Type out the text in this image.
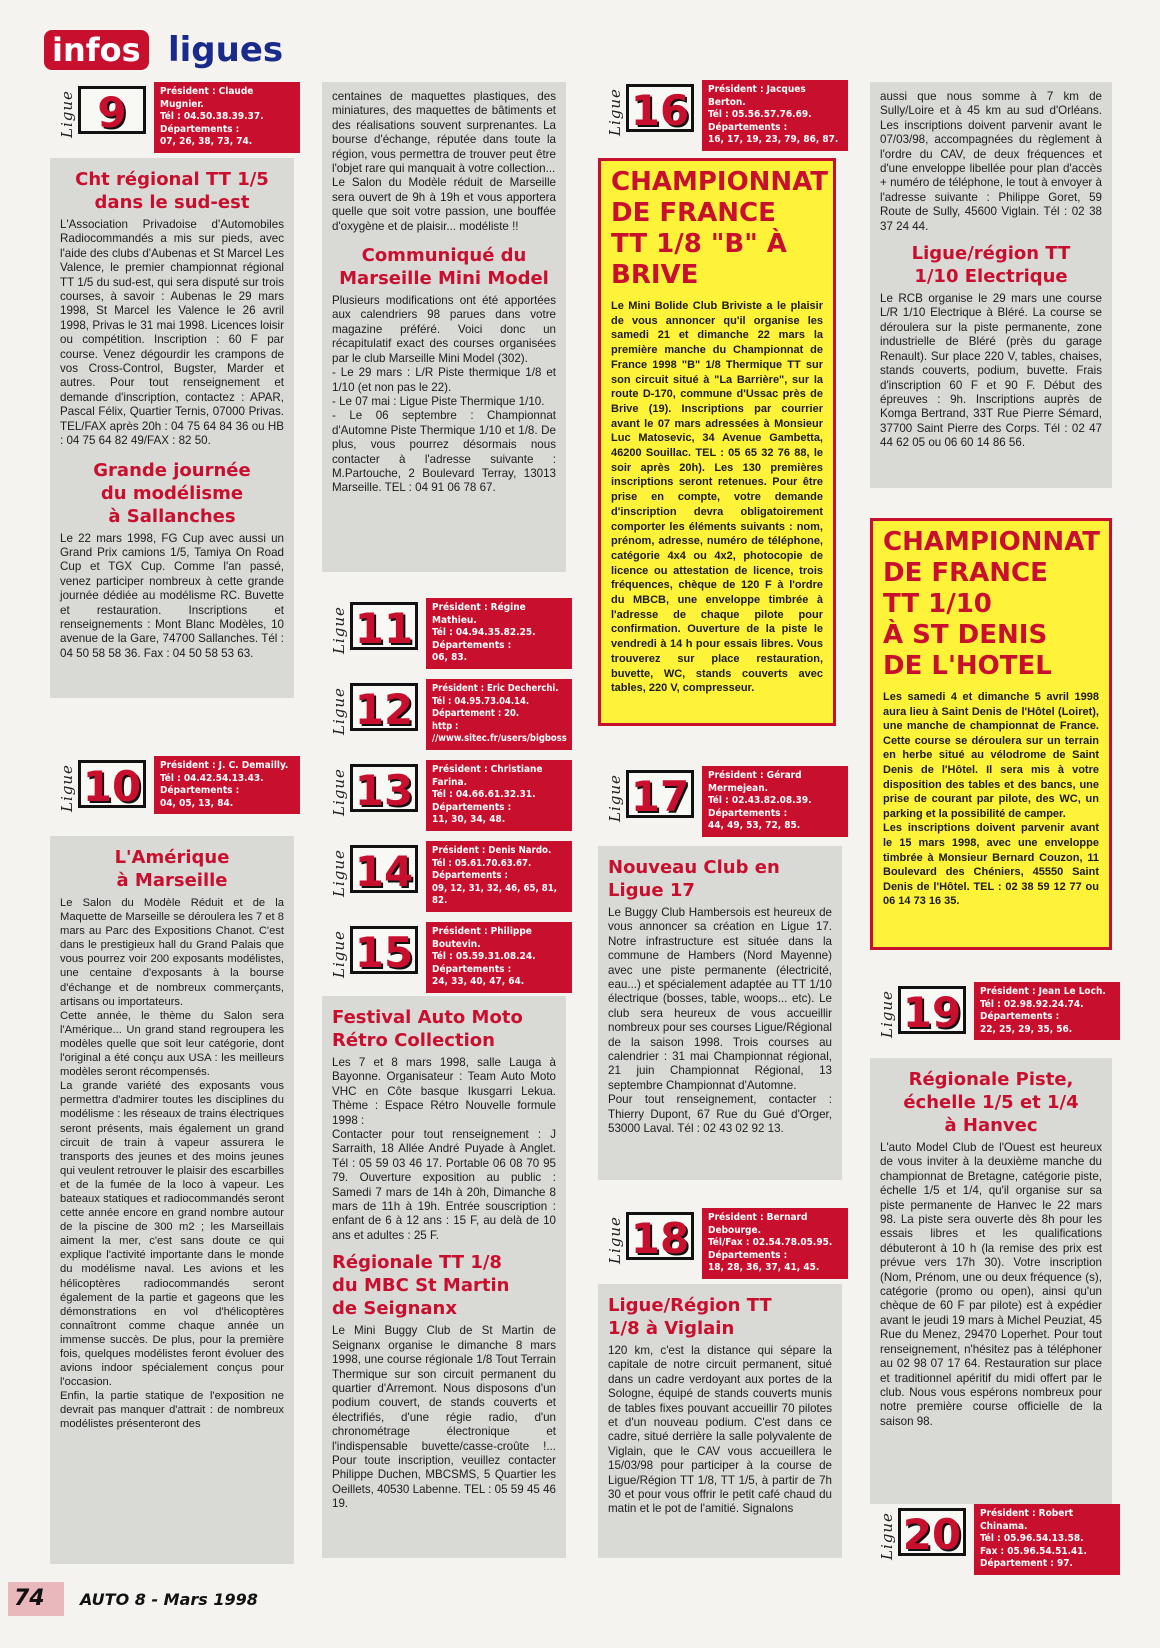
infos ligues
Ligue 9	Président : Claude Mugnier.
Tél : 04.50.38.39.37.
Départements :
07, 26, 38, 73, 74.
Cht régional TT 1/5
dans le sud-est

L'Association Privadoise d'Automobiles Radiocommandés a mis sur pieds, avec l'aide des clubs d'Aubenas et St Marcel Les Valence, le premier championnat régional TT 1/5 du sud-est, qui sera disputé sur trois courses, à savoir : Aubenas le 29 mars 1998, St Marcel les Valence le 26 avril 1998, Privas le 31 mai 1998. Licences loisir ou compétition. Inscription : 60 F par course. Venez dégourdir les crampons de vos Cross-Control, Bugster, Marder et autres. Pour tout renseignement et demande d'inscription, contactez : APAR, Pascal Félix, Quartier Ternis, 07000 Privas. TEL/FAX après 20h : 04 75 64 84 36 ou HB : 04 75 64 82 49/FAX : 82 50.

Grande journée
du modélisme
à Sallanches

Le 22 mars 1998, FG Cup avec aussi un Grand Prix camions 1/5, Tamiya On Road Cup et TGX Cup. Comme l'an passé, venez participer nombreux à cette grande journée dédiée au modélisme RC. Buvette et restauration. Inscriptions et renseignements : Mont Blanc Modèles, 10 avenue de la Gare, 74700 Sallanches. Tél : 04 50 58 58 36. Fax : 04 50 58 53 63.

Ligue 10	Président : J. C. Demailly.
Tél : 04.42.54.13.43.
Départements :
04, 05, 13, 84.
L'Amérique
à Marseille

Le Salon du Modèle Réduit et de la Maquette de Marseille se déroulera les 7 et 8 mars au Parc des Expositions Chanot. C'est dans le prestigieux hall du Grand Palais que vous pourrez voir 200 exposants modélistes, une centaine d'exposants à la bourse d'échange et de nombreux commerçants, artisans ou importateurs.
Cette année, le thème du Salon sera l'Amérique... Un grand stand regroupera les modèles quelle que soit leur catégorie, dont l'original a été conçu aux USA : les meilleurs modèles seront récompensés.
La grande variété des exposants vous permettra d'admirer toutes les disciplines du modélisme : les réseaux de trains électriques seront présents, mais également un grand circuit de train à vapeur assurera le transports des jeunes et des moins jeunes qui veulent retrouver le plaisir des escarbilles et de la fumée de la loco à vapeur. Les bateaux statiques et radiocommandés seront cette année encore en grand nombre autour de la piscine de 300 m2 ; les Marseillais aiment la mer, c'est sans doute ce qui explique l'activité importante dans le monde du modélisme naval. Les avions et les hélicoptères radiocommandés seront également de la partie et gageons que les démonstrations en vol d'hélicoptères connaîtront comme chaque année un immense succès. De plus, pour la première fois, quelques modélistes feront évoluer des avions indoor spécialement conçus pour l'occasion.
Enfin, la partie statique de l'exposition ne devrait pas manquer d'attrait : de nombreux modélistes présenteront des

centaines de maquettes plastiques, des miniatures, des maquettes de bâtiments et des réalisations souvent surprenantes. La bourse d'échange, réputée dans toute la région, vous permettra de trouver peut être l'objet rare qui manquait à votre collection...
Le Salon du Modèle réduit de Marseille sera ouvert de 9h à 19h et vous apportera quelle que soit votre passion, une bouffée d'oxygène et de plaisir... modéliste !!

Communiqué du
Marseille Mini Model

Plusieurs modifications ont été apportées aux calendriers 98 parues dans votre magazine préféré. Voici donc un récapitulatif exact des courses organisées par le club Marseille Mini Model (302).
- Le 29 mars : L/R Piste thermique 1/8 et 1/10 (et non pas le 22).
- Le 07 mai : Ligue Piste Thermique 1/10.
- Le 06 septembre : Championnat d'Automne Piste Thermique 1/10 et 1/8. De plus, vous pourrez désormais nous contacter à l'adresse suivante : M.Partouche, 2 Boulevard Terray, 13013 Marseille. TEL : 04 91 06 78 67.

Ligue 11	Président : Régine Mathieu.
Tél : 04.94.35.82.25.
Départements :
06, 83.
Ligue 12	Président : Eric Decherchi.
Tél : 04.95.73.04.14.
Département : 20.
http : //www.sitec.fr/users/bigboss
Ligue 13	Président : Christiane Farina.
Tél : 04.66.61.32.31.
Départements :
11, 30, 34, 48.
Ligue 14	Président : Denis Nardo.
Tél : 05.61.70.63.67.
Départements :
09, 12, 31, 32, 46, 65, 81, 82.
Ligue 15	Président : Philippe Boutevin.
Tél : 05.59.31.08.24.
Départements :
24, 33, 40, 47, 64.
Festival Auto Moto
Rétro Collection

Les 7 et 8 mars 1998, salle Lauga à Bayonne. Organisateur : Team Auto Moto VHC en Côte basque Ikusgarri Lekua. Thème : Espace Rétro Nouvelle formule 1998 :
Contacter pour tout renseignement : J Sarraith, 18 Allée André Puyade à Anglet. Tél : 05 59 03 46 17. Portable 06 08 70 95 79. Ouverture exposition au public : Samedi 7 mars de 14h à 20h, Dimanche 8 mars de 11h à 19h. Entrée souscription : enfant de 6 à 12 ans : 15 F, au delà de 10 ans et adultes : 25 F.

Régionale TT 1/8
du MBC St Martin
de Seignanx

Le Mini Buggy Club de St Martin de Seignanx organise le dimanche 8 mars 1998, une course régionale 1/8 Tout Terrain Thermique sur son circuit permanent du quartier d'Arremont. Nous disposons d'un podium couvert, de stands couverts et électrifiés, d'une régie radio, d'un chronométrage électronique et l'indispensable buvette/casse-croûte !... Pour toute inscription, veuillez contacter Philippe Duchen, MBCSMS, 5 Quartier les Oeillets, 40530 Labenne. TEL : 05 59 45 46 19.

Ligue 16	Président : Jacques Berton.
Tél : 05.56.57.76.69.
Départements :
16, 17, 19, 23, 79, 86, 87.
CHAMPIONNAT
DE FRANCE
TT 1/8 "B" À
BRIVE

Le Mini Bolide Club Briviste a le plaisir de vous annoncer qu'il organise les samedi 21 et dimanche 22 mars la première manche du Championnat de France 1998 "B" 1/8 Thermique TT sur son circuit situé à "La Barrière", sur la route D-170, commune d'Ussac près de Brive (19). Inscriptions par courrier avant le 07 mars adressées à Monsieur Luc Matosevic, 34 Avenue Gambetta, 46200 Souillac. TEL : 05 65 32 76 88, le soir après 20h). Les 130 premières inscriptions seront retenues. Pour être prise en compte, votre demande d'inscription devra obligatoirement comporter les éléments suivants : nom, prénom, adresse, numéro de téléphone, catégorie 4x4 ou 4x2, photocopie de licence ou attestation de licence, trois fréquences, chèque de 120 F à l'ordre du MBCB, une enveloppe timbrée à l'adresse de chaque pilote pour confirmation. Ouverture de la piste le vendredi à 14 h pour essais libres. Vous trouverez sur place restauration, buvette, WC, stands couverts avec tables, 220 V, compresseur.

Ligue 17	Président : Gérard Mermejean.
Tél : 02.43.82.08.39.
Départements :
44, 49, 53, 72, 85.
Nouveau Club en
Ligue 17

Le Buggy Club Hambersois est heureux de vous annoncer sa création en Ligue 17. Notre infrastructure est située dans la commune de Hambers (Nord Mayenne) avec une piste permanente (électricité, eau...) et spécialement adaptée au TT 1/10 électrique (bosses, table, woops... etc). Le club sera heureux de vous accueillir nombreux pour ses courses Ligue/Régional de la saison 1998. Trois courses au calendrier : 31 mai Championnat régional, 21 juin Championnat Régional, 13 septembre Championnat d'Automne.
Pour tout renseignement, contacter : Thierry Dupont, 67 Rue du Gué d'Orger, 53000 Laval. Tél : 02 43 02 92 13.

Ligue 18	Président : Bernard Debourge.
Tél/Fax : 02.54.78.05.95.
Départements :
18, 28, 36, 37, 41, 45.
Ligue/Région TT
1/8 à Viglain

120 km, c'est la distance qui sépare la capitale de notre circuit permanent, situé dans un cadre verdoyant aux portes de la Sologne, équipé de stands couverts munis de tables fixes pouvant accueillir 70 pilotes et d'un nouveau podium. C'est dans ce cadre, situé derrière la salle polyvalente de Viglain, que le CAV vous accueillera le 15/03/98 pour participer à la course de Ligue/Région TT 1/8, TT 1/5, à partir de 7h 30 et pour vous offrir le petit café chaud du matin et le pot de l'amitié. Signalons

aussi que nous somme à 7 km de Sully/Loire et à 45 km au sud d'Orléans. Les inscriptions doivent parvenir avant le 07/03/98, accompagnées du règlement à l'ordre du CAV, de deux fréquences et d'une enveloppe libellée pour plan d'accès + numéro de téléphone, le tout à envoyer à l'adresse suivante : Philippe Goret, 59 Route de Sully, 45600 Viglain. Tél : 02 38 37 24 44.

Ligue/région TT
1/10 Electrique

Le RCB organise le 29 mars une course L/R 1/10 Electrique à Bléré. La course se déroulera sur la piste permanente, zone industrielle de Bléré (près du garage Renault). Sur place 220 V, tables, chaises, stands couverts, podium, buvette. Frais d'inscription 60 F et 90 F. Début des épreuves : 9h. Inscriptions auprès de Komga Bertrand, 33T Rue Pierre Sémard, 37700 Saint Pierre des Corps. Tél : 02 47 44 62 05 ou 06 60 14 86 56.

CHAMPIONNAT
DE FRANCE
TT 1/10
À ST DENIS
DE L'HOTEL

Les samedi 4 et dimanche 5 avril 1998 aura lieu à Saint Denis de l'Hôtel (Loiret), une manche de championnat de France. Cette course se déroulera sur un terrain en herbe situé au vélodrome de Saint Denis de l'Hôtel. Il sera mis à votre disposition des tables et des bancs, une prise de courant par pilote, des WC, un parking et la possibilité de camper.
Les inscriptions doivent parvenir avant le 15 mars 1998, avec une enveloppe timbrée à Monsieur Bernard Couzon, 11 Boulevard des Chéniers, 45550 Saint Denis de l'Hôtel. TEL : 02 38 59 12 77 ou 06 14 73 16 35.

Ligue 19	Président : Jean Le Loch.
Tél : 02.98.92.24.74.
Départements :
22, 25, 29, 35, 56.
Régionale Piste,
échelle 1/5 et 1/4
à Hanvec

L'auto Model Club de l'Ouest est heureux de vous inviter à la deuxième manche du championnat de Bretagne, catégorie piste, échelle 1/5 et 1/4, qu'il organise sur sa piste permanente de Hanvec le 22 mars 98. La piste sera ouverte dès 8h pour les essais libres et les qualifications débuteront à 10 h (la remise des prix est prévue vers 17h 30). Votre inscription (Nom, Prénom, une ou deux fréquence (s), catégorie (promo ou open), ainsi qu'un chèque de 60 F par pilote) est à expédier avant le jeudi 19 mars à Michel Peuziat, 45 Rue du Menez, 29470 Loperhet. Pour tout renseignement, n'hésitez pas à téléphoner au 02 98 07 17 64. Restauration sur place et traditionnel apéritif du midi offert par le club. Nous vous espérons nombreux pour notre première course officielle de la saison 98.

Ligue 20	Président : Robert Chinama.
Tél : 05.96.54.13.58.
Fax : 05.96.54.51.41.
Département : 97.
74 AUTO 8 - Mars 1998
